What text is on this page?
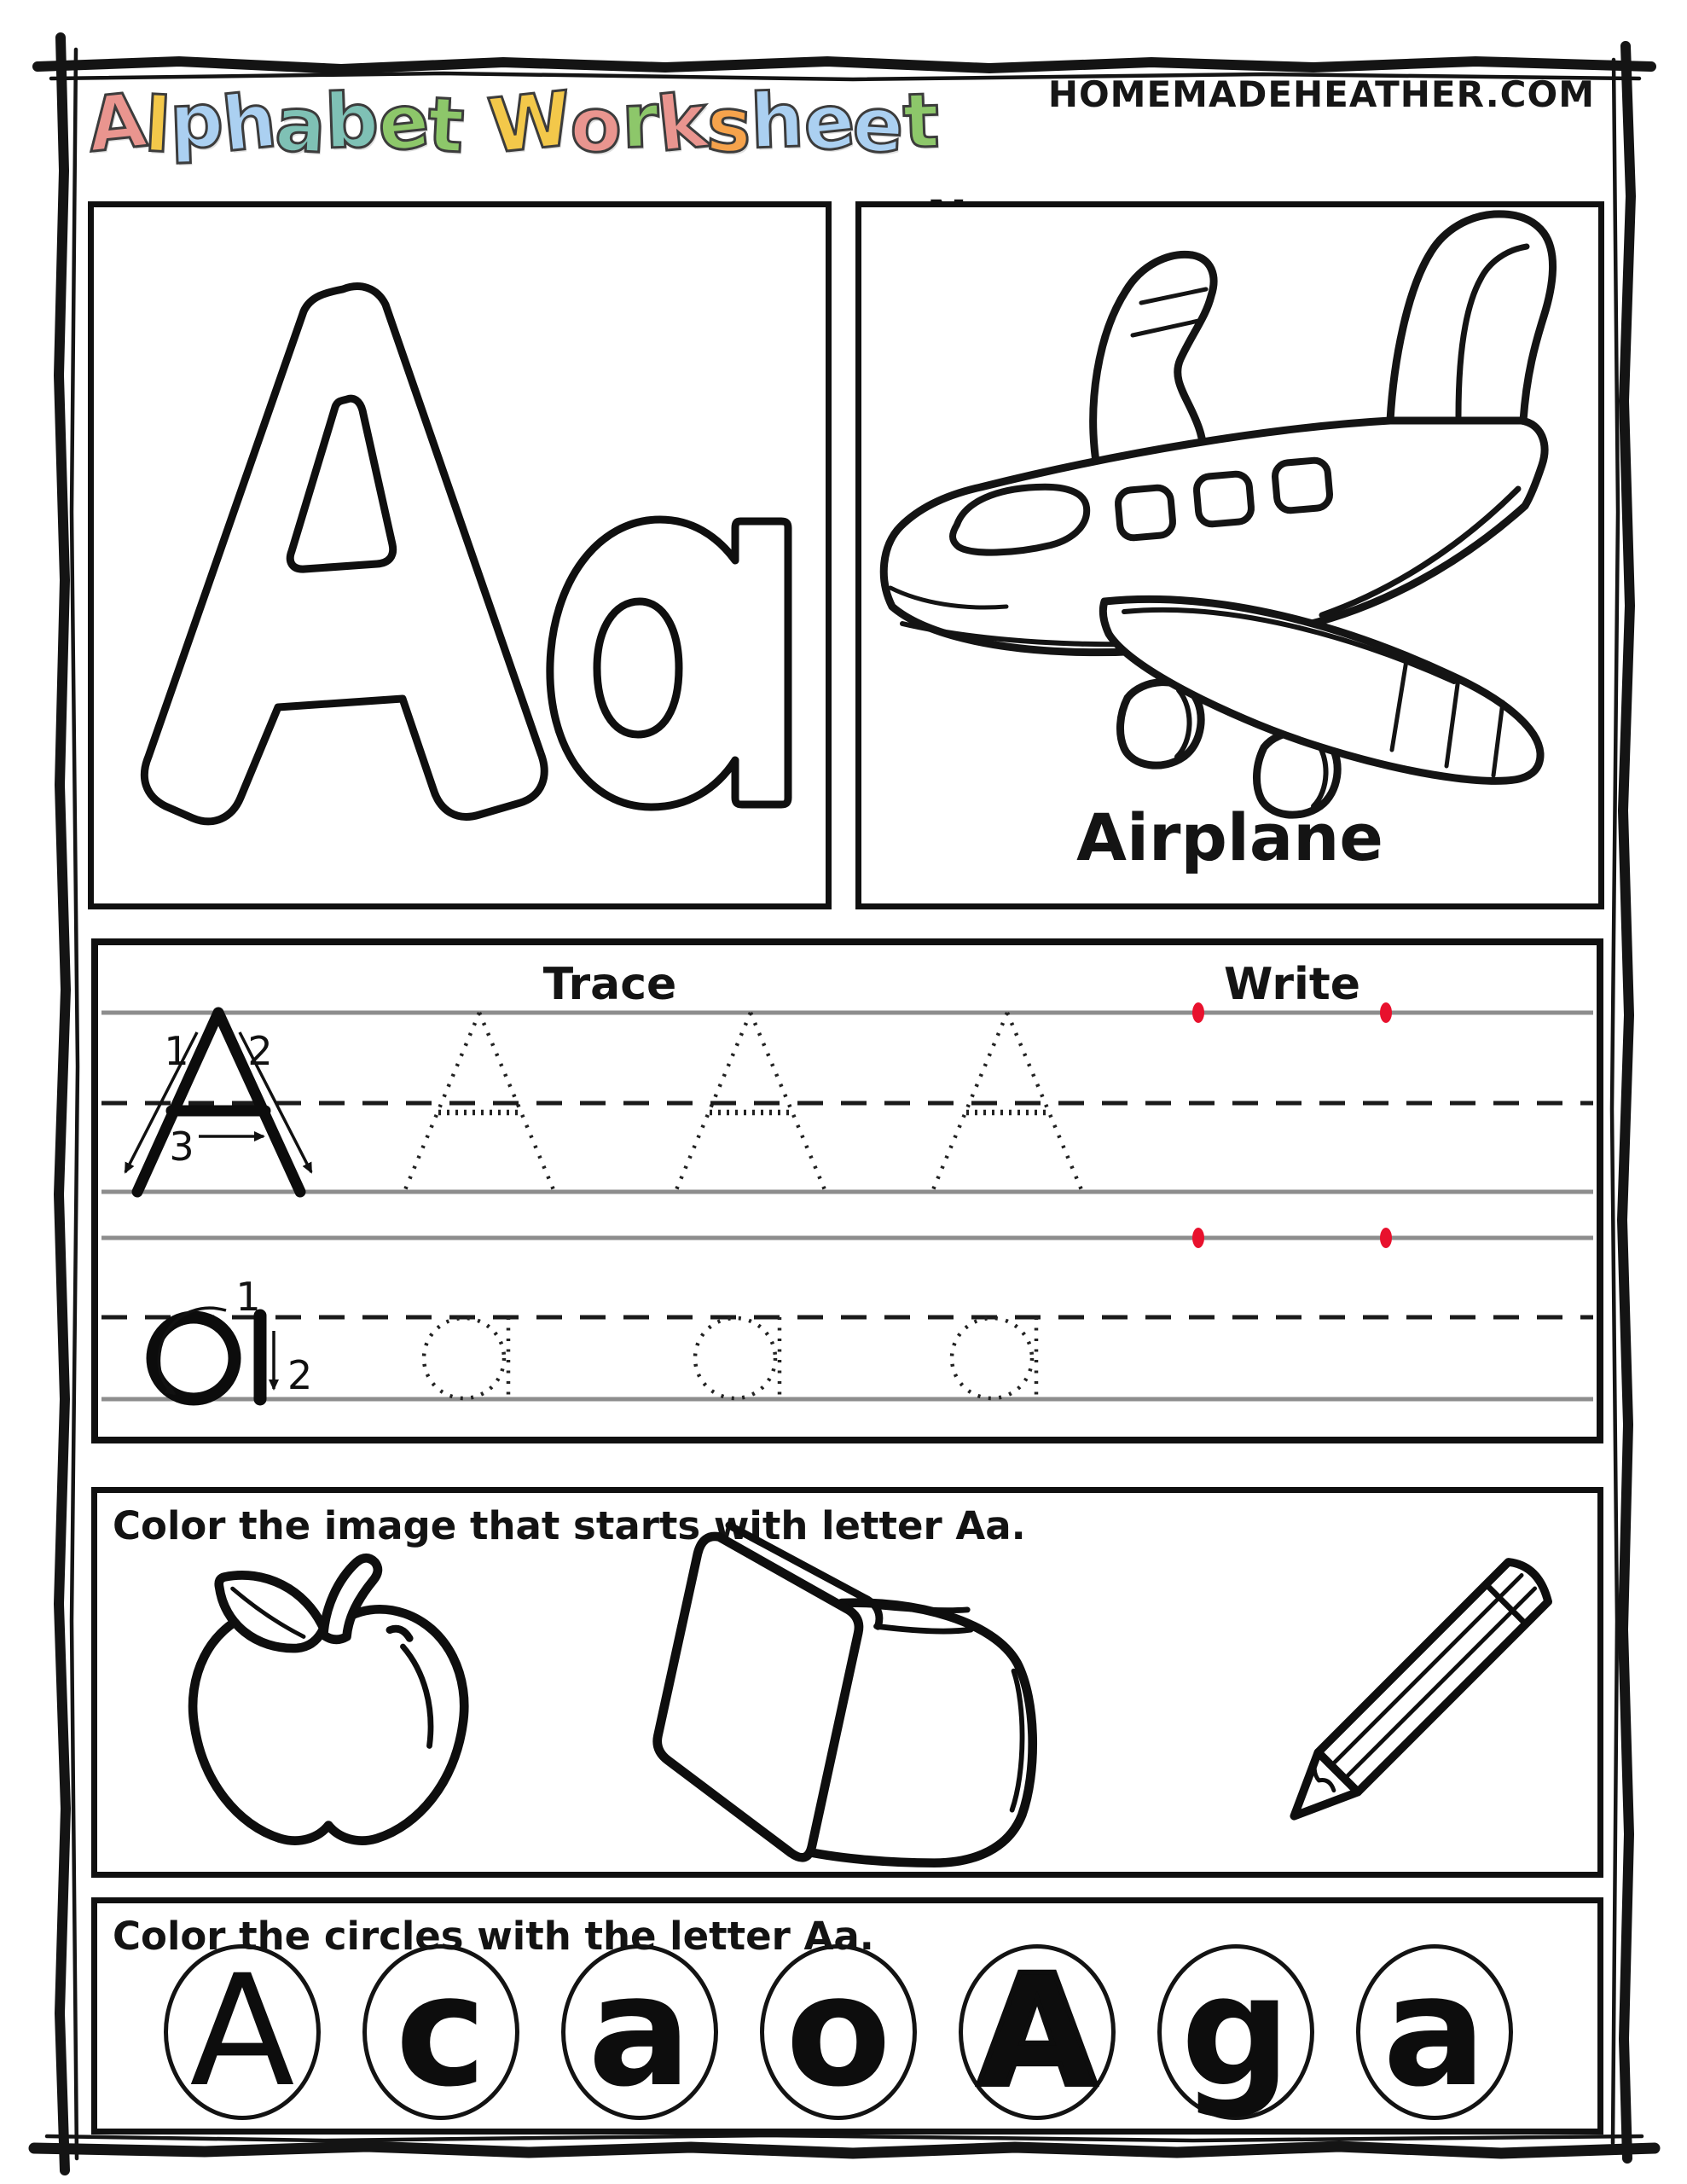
HOMEMADEHEATHER.COM
Alphabet Worksheet
Airplane
Trace	Write
1 2
3
1
2
Color the image that starts with letter Aa.
Color the circles with the letter Aa.
A c a o A g a
